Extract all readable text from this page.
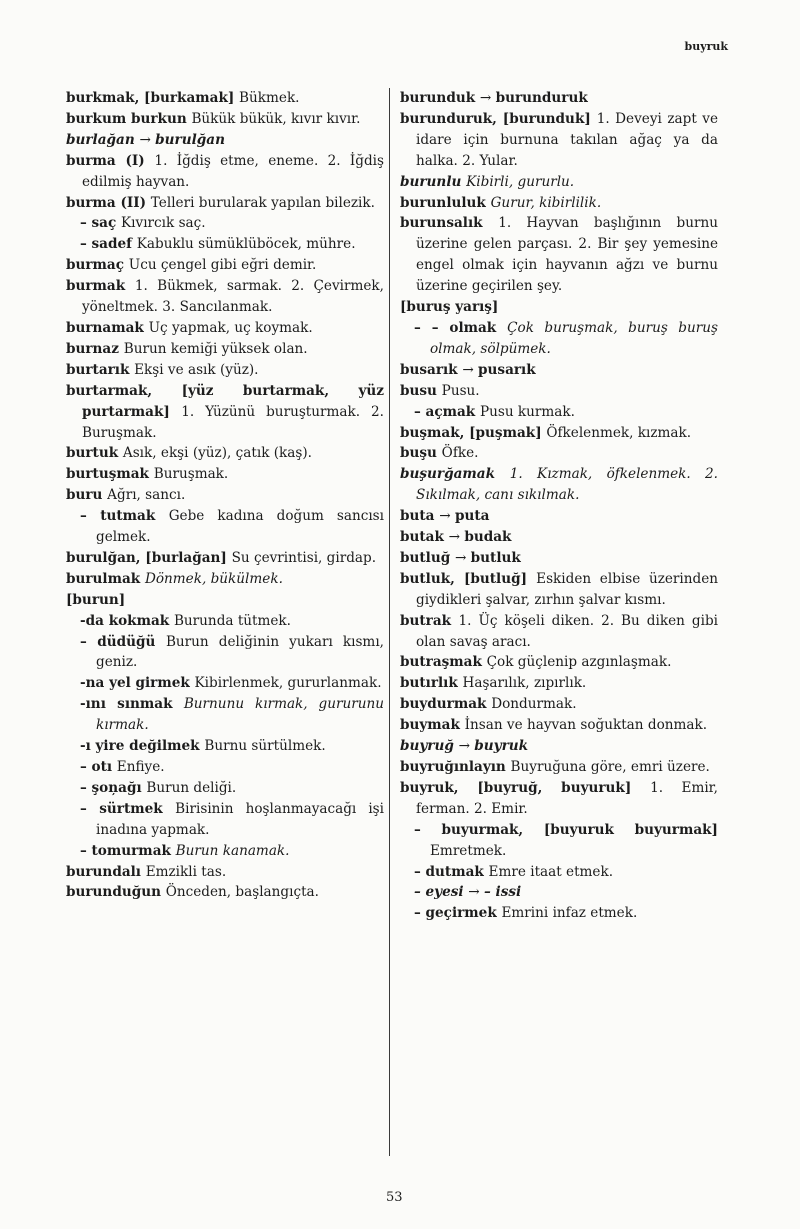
buyruk
burkmak, [burkamak] Bükmek.
burkum burkun Bükük bükük, kıvır kıvır.
burlağan → burulğan
burma (I) 1. İğdiş etme, eneme. 2. İğdiş edilmiş hayvan.
burma (II) Telleri burularak yapılan bilezik.
– saç Kıvırcık saç.
– sadef Kabuklu sümüklüböcek, mühre.
burmaç Ucu çengel gibi eğri demir.
burmak 1. Bükmek, sarmak. 2. Çevirmek, yöneltmek. 3. Sancılanmak.
burnamak Uç yapmak, uç koymak.
burnaz Burun kemiği yüksek olan.
burtarık Ekşi ve asık (yüz).
burtarmak, [yüz burtarmak, yüz purtarmak] 1. Yüzünü buruşturmak. 2. Buruşmak.
burtuk Asık, ekşi (yüz), çatık (kaş).
burtuşmak Buruşmak.
buru Ağrı, sancı.
– tutmak Gebe kadına doğum sancısı gelmek.
burulğan, [burlağan] Su çevrintisi, girdap.
burulmak Dönmek, bükülmek.
[burun]
-da kokmak Burunda tütmek.
– düdüğü Burun deliğinin yukarı kısmı, geniz.
-na yel girmek Kibirlenmek, gururlanmak.
-ını sınmak Burnunu kırmak, gururunu kırmak.
-ı yire değilmek Burnu sürtülmek.
– otı Enfiye.
– şoņağı Burun deliği.
– sürtmek Birisinin hoşlanmayacağı işi inadına yapmak.
– tomurmak Burun kanamak.
burundalı Emzikli tas.
burunduğun Önceden, başlangıçta.
burunduk → burunduruk
burunduruk, [burunduk] 1. Deveyi zapt ve idare için burnuna takılan ağaç ya da halka. 2. Yular.
burunlu Kibirli, gururlu.
burunluluk Gurur, kibirlilik.
burunsalık 1. Hayvan başlığının burnu üzerine gelen parçası. 2. Bir şey yemesine engel olmak için hayvanın ağzı ve burnu üzerine geçirilen şey.
[buruş yarış]
– – olmak Çok buruşmak, buruş buruş olmak, sölpümek.
busarık → pusarık
busu Pusu.
– açmak Pusu kurmak.
buşmak, [puşmak] Öfkelenmek, kızmak.
buşu Öfke.
buşurğamak 1. Kızmak, öfkelenmek. 2. Sıkılmak, canı sıkılmak.
buta → puta
butak → budak
butluğ → butluk
butluk, [butluğ] Eskiden elbise üzerinden giydikleri şalvar, zırhın şalvar kısmı.
butrak 1. Üç köşeli diken. 2. Bu diken gibi olan savaş aracı.
butraşmak Çok güçlenip azgınlaşmak.
butırlık Haşarılık, zıpırlık.
buydurmak Dondurmak.
buymak İnsan ve hayvan soğuktan donmak.
buyruğ → buyruk
buyruğınlayın Buyruğuna göre, emri üzere.
buyruk, [buyruğ, buyuruk] 1. Emir, ferman. 2. Emir.
– buyurmak, [buyuruk buyurmak] Emretmek.
– dutmak Emre itaat etmek.
– eyesi → – issi
– geçirmek Emrini infaz etmek.
53
